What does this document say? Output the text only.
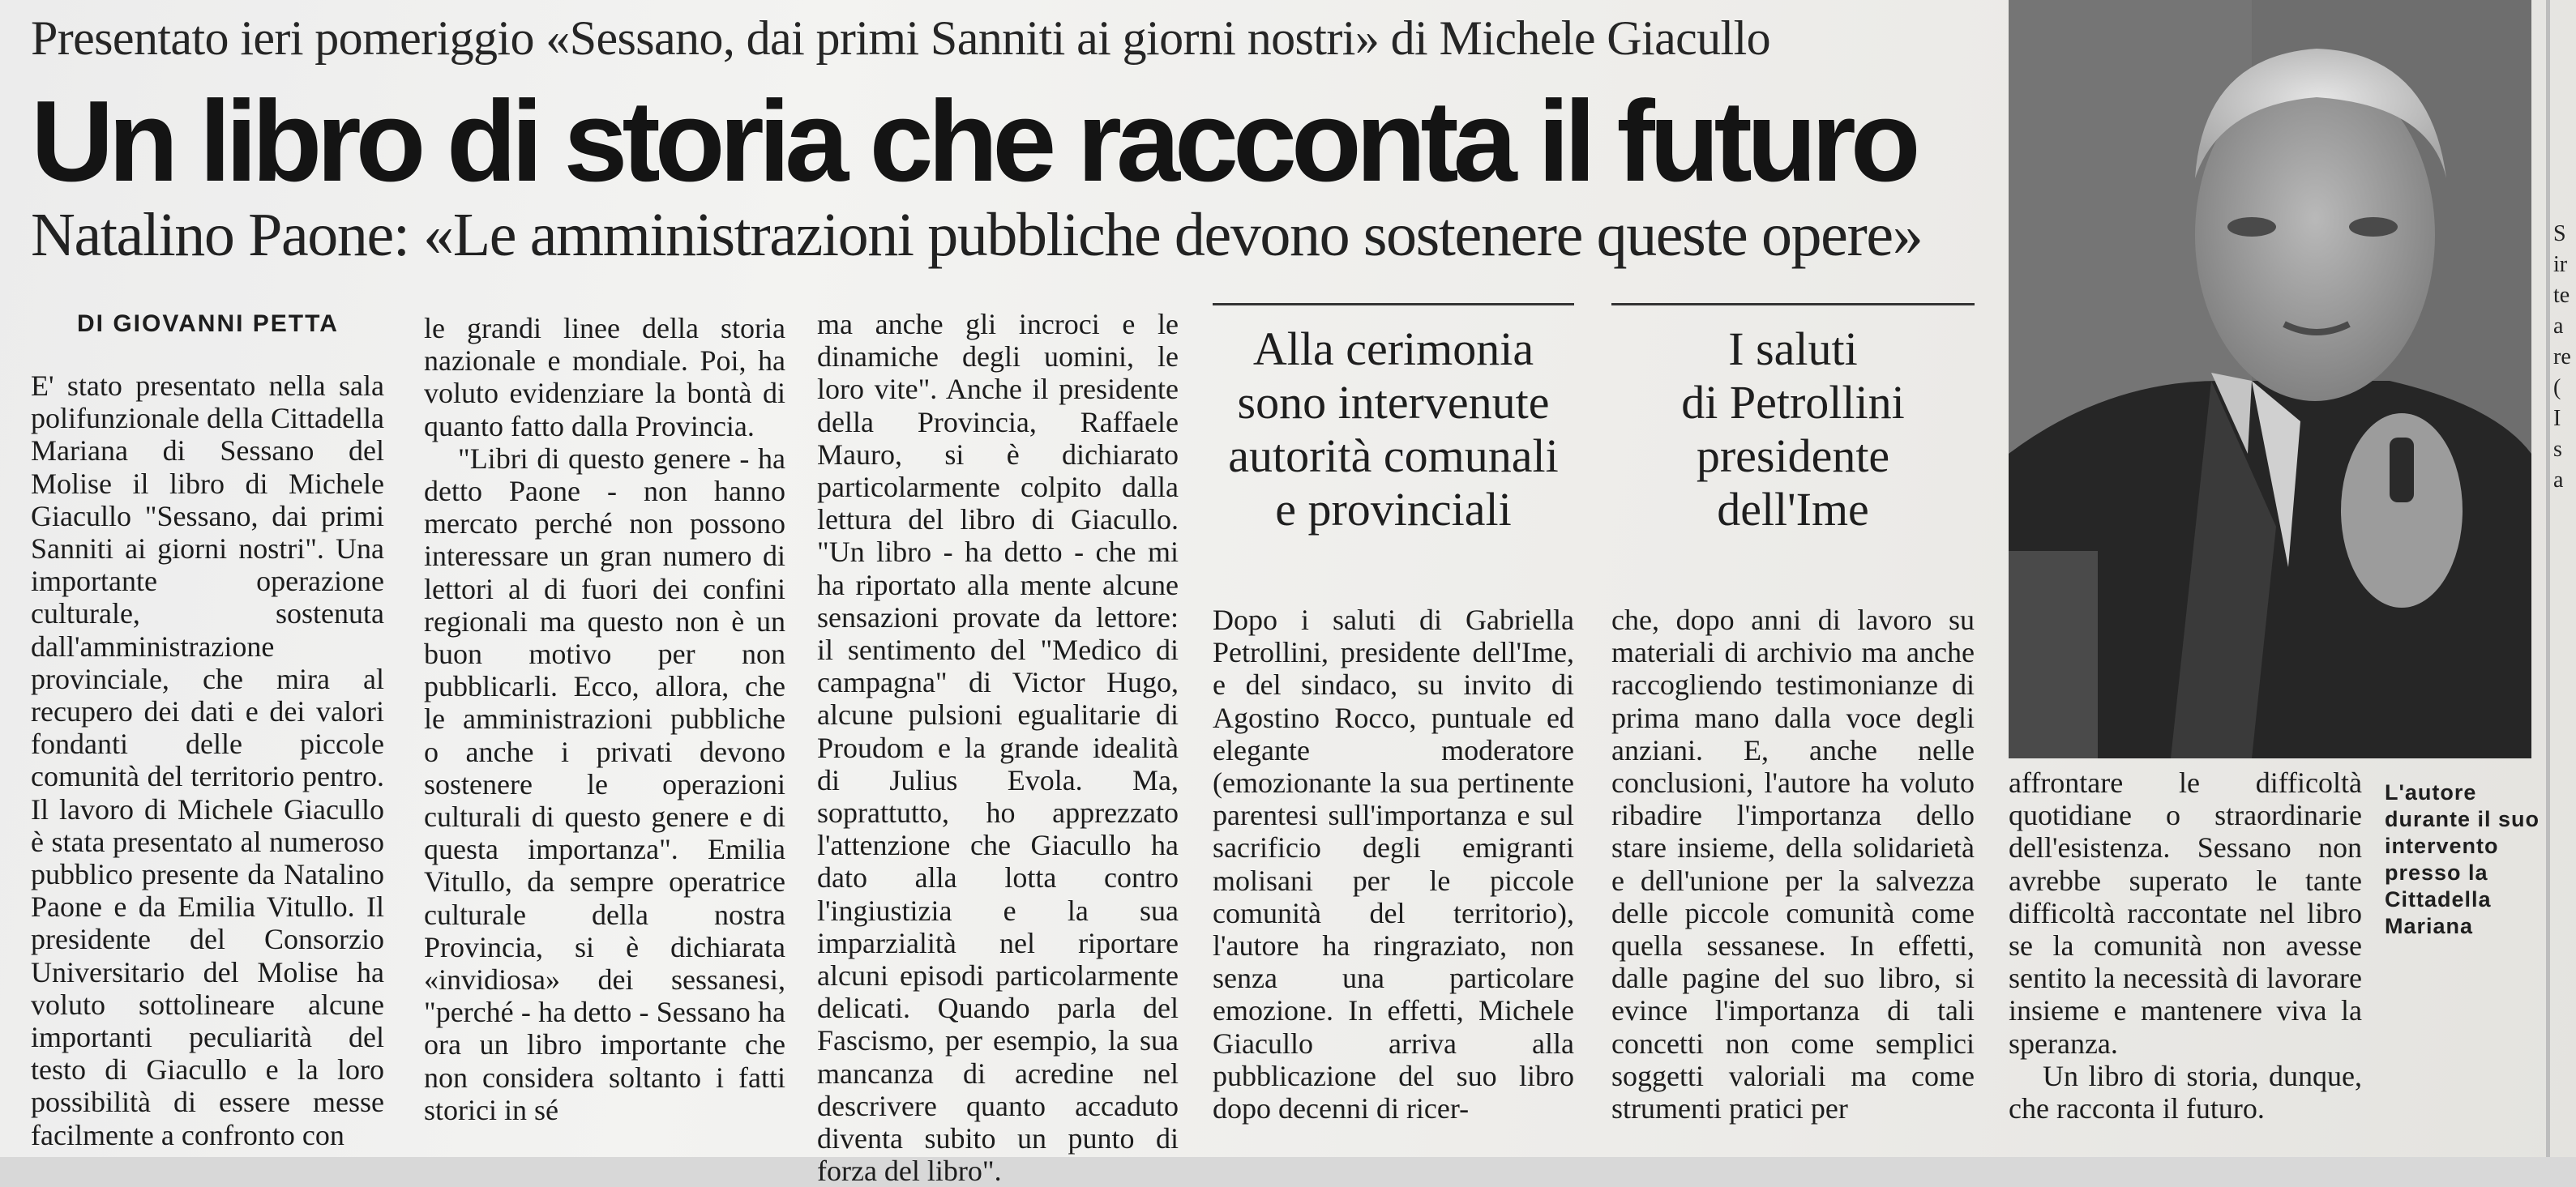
Presentato ieri pomeriggio «Sessano, dai primi Sanniti ai giorni nostri» di Michele Giacullo
Un libro di storia che racconta il futuro
Natalino Paone: «Le amministrazioni pubbliche devono sostenere queste opere»
DI GIOVANNI PETTA

E' stato presentato nella sala polifunzionale della Cittadella Mariana di Sessano del Molise il libro di Michele Giacullo "Sessano, dai primi Sanniti ai giorni nostri". Una importante operazione culturale, sostenuta dall'amministrazione provinciale, che mira al recupero dei dati e dei valori fondanti delle piccole comunità del territorio pentro. Il lavoro di Michele Giacullo è stata presentato al numeroso pubblico presente da Natalino Paone e da Emilia Vitullo. Il presidente del Consorzio Universitario del Molise ha voluto sottolineare alcune importanti peculiarità del testo di Giacullo e la loro possibilità di essere messe facilmente a confronto con

le grandi linee della storia nazionale e mondiale. Poi, ha voluto evidenziare la bontà di quanto fatto dalla Provincia.

"Libri di questo genere - ha detto Paone - non hanno mercato perché non possono interessare un gran numero di lettori al di fuori dei confini regionali ma questo non è un buon motivo per non pubblicarli. Ecco, allora, che le amministrazioni pubbliche o anche i privati devono sostenere le operazioni culturali di questo genere e di questa importanza". Emilia Vitullo, da sempre operatrice culturale della nostra Provincia, si è dichiarata «invidiosa» dei sessanesi, "perché - ha detto - Sessano ha ora un libro importante che non considera soltanto i fatti storici in sé

ma anche gli incroci e le dinamiche degli uomini, le loro vite". Anche il presidente della Provincia, Raffaele Mauro, si è dichiarato particolarmente colpito dalla lettura del libro di Giacullo. "Un libro - ha detto - che mi ha riportato alla mente alcune sensazioni provate da lettore: il sentimento del "Medico di campagna" di Victor Hugo, alcune pulsioni egualitarie di Proudom e la grande idealità di Julius Evola. Ma, soprattutto, ho apprezzato l'attenzione che Giacullo ha dato alla lotta contro l'ingiustizia e la sua imparzialità nel riportare alcuni episodi particolarmente delicati. Quando parla del Fascismo, per esempio, la sua mancanza di acredine nel descrivere quanto accaduto diventa subito un punto di forza del libro".

Alla cerimonia
sono intervenute
autorità comunali
e provinciali
I saluti
di Petrollini
presidente
dell'Ime

Dopo i saluti di Gabriella Petrollini, presidente dell'Ime, e del sindaco, su invito di Agostino Rocco, puntuale ed elegante moderatore (emozionante la sua pertinente parentesi sull'importanza e sul sacrificio degli emigranti molisani per le piccole comunità del territorio), l'autore ha ringraziato, non senza una particolare emozione. In effetti, Michele Giacullo arriva alla pubblicazione del suo libro dopo decenni di ricer-

che, dopo anni di lavoro su materiali di archivio ma anche raccogliendo testimonianze di prima mano dalla voce degli anziani. E, anche nelle conclusioni, l'autore ha voluto ribadire l'importanza dello stare insieme, della solidarietà e dell'unione per la salvezza delle piccole comunità come quella sessanese. In effetti, dalle pagine del suo libro, si evince l'importanza di tali concetti non come semplici soggetti valoriali ma come strumenti pratici per

affrontare le difficoltà quotidiane o straordinarie dell'esistenza. Sessano non avrebbe superato le tante difficoltà raccontate nel libro se la comunità non avesse sentito la necessità di lavorare insieme e mantenere viva la speranza.

Un libro di storia, dunque, che racconta il futuro.

L'autore durante il suo intervento presso la Cittadella Mariana
S
ir
te
a
re
(
I
s
a
